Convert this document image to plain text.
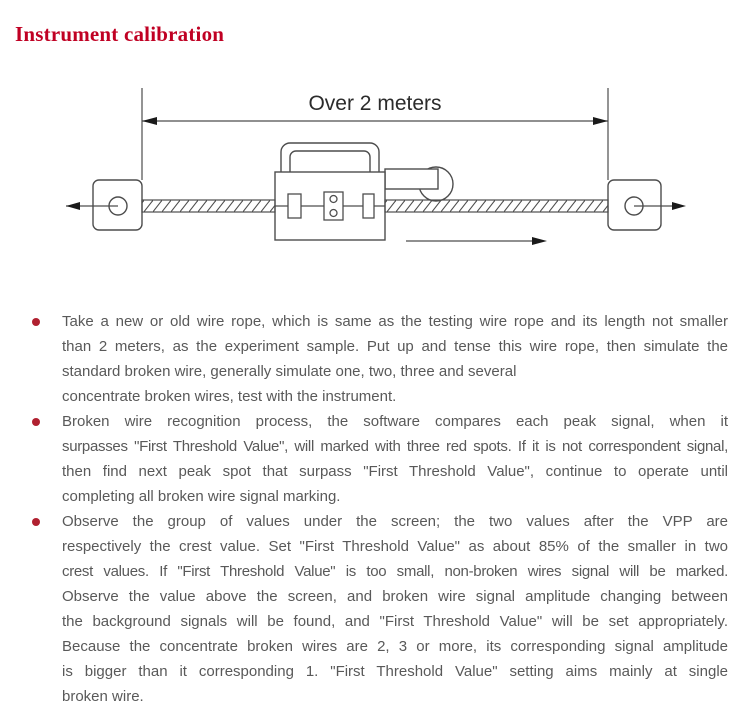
Instrument calibration
Over 2 meters
Take a new or old wire rope, which is same as the testing wire rope and its length not smaller
than 2 meters, as the experiment sample. Put up and tense this wire rope, then simulate the
standard broken wire, generally simulate one, two, three and several
concentrate broken wires, test with the instrument.
Broken wire recognition process, the software compares each peak signal, when it
surpasses "First Threshold Value", will marked with three red spots. If it is not correspondent signal,
then find next peak spot that surpass "First Threshold Value", continue to operate until
completing all broken wire signal marking.
Observe the group of values under the screen; the two values after the VPP are
respectively the crest value. Set "First Threshold Value" as about 85% of the smaller in two
crest values. If "First Threshold Value" is too small, non-broken wires signal will be marked.
Observe the value above the screen, and broken wire signal amplitude changing between
the background signals will be found, and "First Threshold Value" will be set appropriately.
Because the concentrate broken wires are 2, 3 or more, its corresponding signal amplitude
is bigger than it corresponding 1. "First Threshold Value" setting aims mainly at single
broken wire.
